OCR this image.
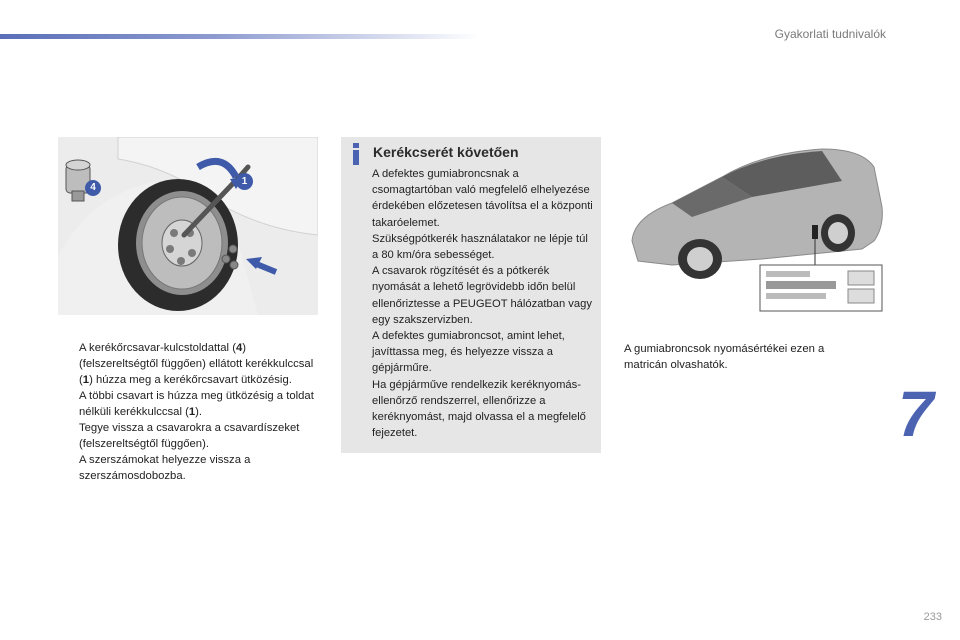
Gyakorlati tudnivalók
4
1
A kerékőrcsavar-kulcstoldattal (4) (felszereltségtől függően) ellátott kerékkulccsal (1) húzza meg a kerékőrcsavart ütközésig.
A többi csavart is húzza meg ütközésig a toldat nélküli kerékkulccsal (1).
Tegye vissza a csavarokra a csavardíszeket (felszereltségtől függően).
A szerszámokat helyezze vissza a szerszámosdobozba.
Kerékcserét követően
A defektes gumiabroncsnak a csomagtartóban való megfelelő elhelyezése érdekében előzetesen távolítsa el a központi takaróelemet.
Szükségpótkerék használatakor ne lépje túl a 80 km/óra sebességet.
A csavarok rögzítését és a pótkerék nyomását a lehető legrövidebb időn belül ellenőriztesse a PEUGEOT hálózatban vagy egy szakszervizben.
A defektes gumiabroncsot, amint lehet, javíttassa meg, és helyezze vissza a gépjárműre.
Ha gépjárműve rendelkezik keréknyomás-ellenőrző rendszerrel, ellenőrizze a keréknyomást, majd olvassa el a megfelelő fejezetet.
A gumiabroncsok nyomásértékei ezen a matricán olvashatók.
7
233
